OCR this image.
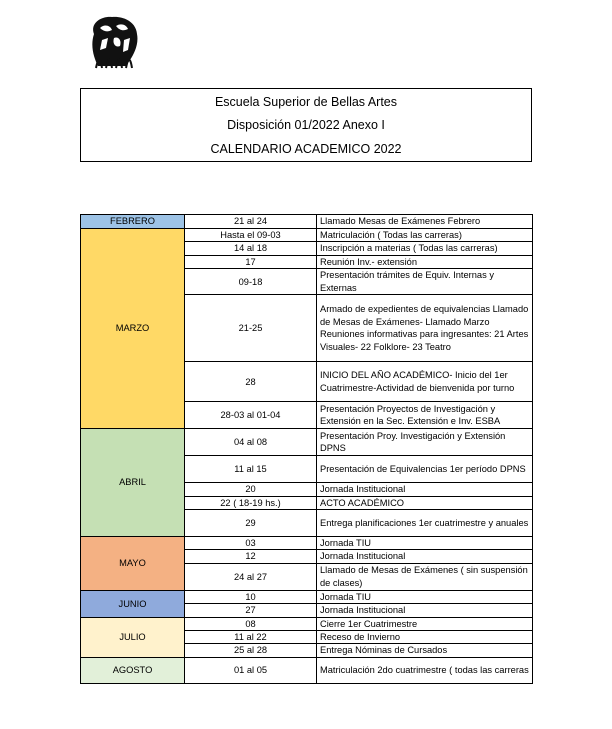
Escuela Superior de Bellas Artes
Disposición 01/2022 Anexo I
CALENDARIO ACADEMICO 2022
FEBRERO	21 al 24	Llamado Mesas de Exámenes Febrero
MARZO	Hasta el 09-03	Matriculación ( Todas las carreras)
	14 al 18	Inscripción a materias ( Todas las carreras)
	17	Reunión Inv.- extensión
	09-18	Presentación trámites de Equiv. Internas y Externas
	21-25	Armado de expedientes de equivalencias Llamado de Mesas de Exámenes- Llamado Marzo Reuniones informativas para ingresantes: 21 Artes Visuales- 22 Folklore- 23 Teatro
	28	INICIO DEL AÑO ACADÉMICO- Inicio del 1er Cuatrimestre-Actividad de bienvenida por turno
	28-03 al 01-04	Presentación Proyectos de Investigación y Extensión en la Sec. Extensión e Inv. ESBA
ABRIL	04 al 08	Presentación Proy. Investigación y Extensión DPNS
	11 al 15	Presentación de Equivalencias 1er período DPNS
	20	Jornada Institucional
	22 ( 18-19 hs.)	ACTO ACADÉMICO
	29	Entrega planificaciones 1er cuatrimestre y anuales
MAYO	03	Jornada TIU
	12	Jornada Institucional
	24 al 27	Llamado de Mesas de Exámenes ( sin suspensión de clases)
JUNIO	10	Jornada TIU
	27	Jornada Institucional
JULIO	08	Cierre 1er Cuatrimestre
	11 al 22	Receso de Invierno
	25 al 28	Entrega Nóminas de Cursados
AGOSTO	01 al 05	Matriculación 2do cuatrimestre ( todas las carreras
